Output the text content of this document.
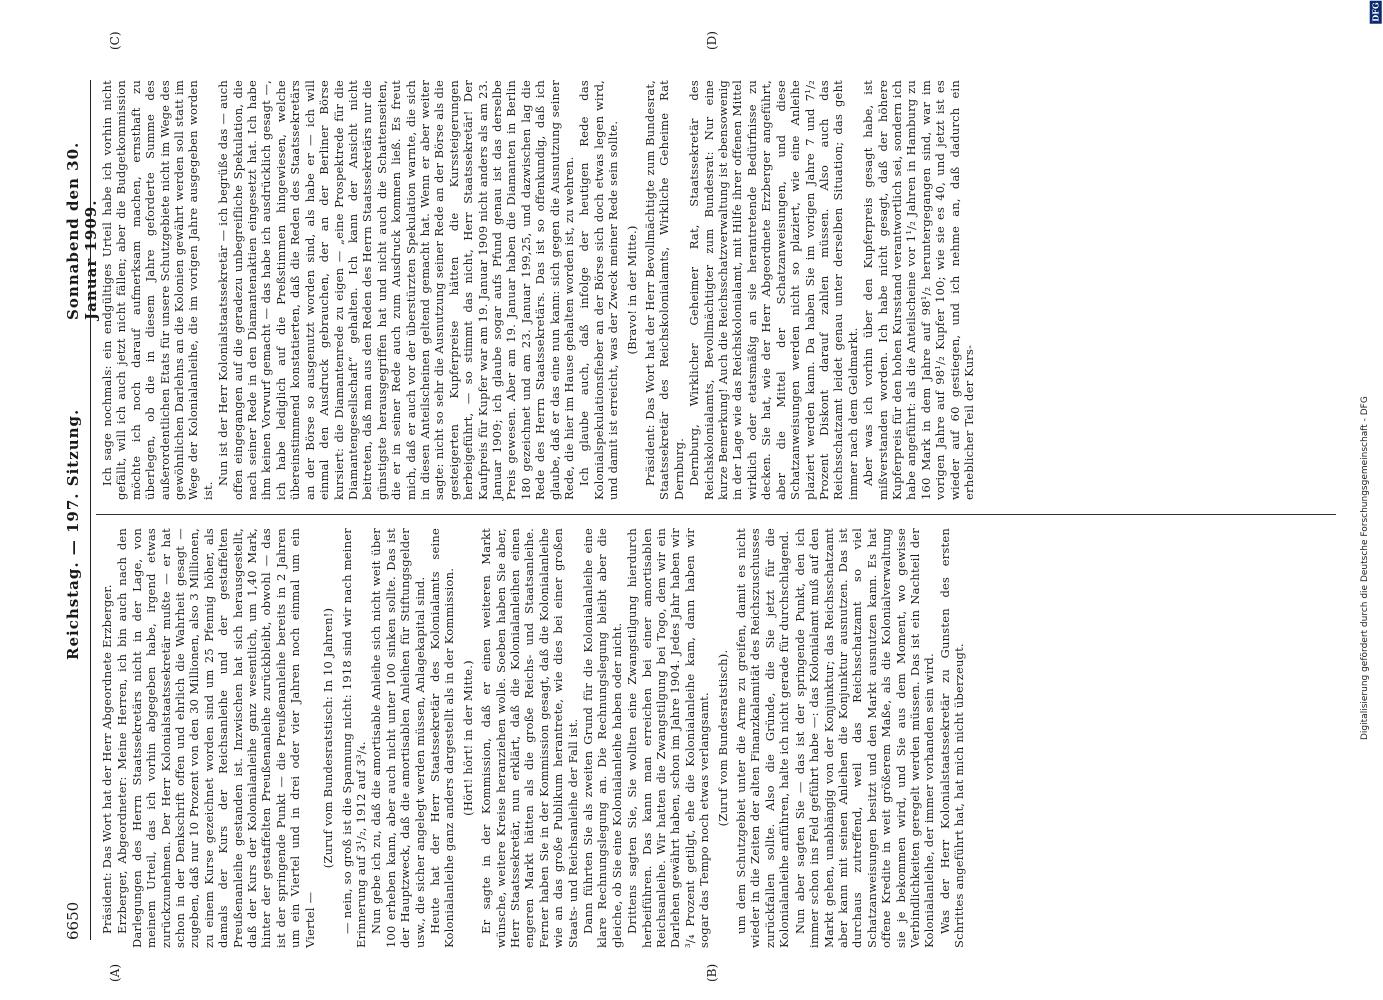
6650
Reichstag. — 197. Sitzung.
Sonnabend den 30. Januar 1909.
(A)	(B)
(C)	(D)

Präsident: Das Wort hat der Herr Abgeordnete Erzberger. Erzberger, Abgeordneter: Meine Herren, ich bin auch nach den Darlegungen des Herrn Staatssekretärs nicht in der Lage, von meinem Urteil, das ich vorhin abgegeben habe, irgend etwas zurückzunehmen. Der Herr Kolonialstaatssekretär mußte — er hat schon in der Denkschrift offen und ehrlich die Wahrheit gesagt — zugeben, daß nur 10 Prozent von den 30 Millionen, also 3 Millionen, zu einem Kurse gezeichnet worden sind um 25 Pfennig höher, als damals der Kurs der Reichsanleihe und der gestaffelten Preußenanleihe gestanden ist. Inzwischen hat sich herausgestellt, daß der Kurs der Kolonialanleihe ganz wesentlich, um 1,40 Mark, hinter der gestaffelten Preußenanleihe zurückbleibt, obwohl — das ist der springende Punkt — die Preußenanleihe bereits in 2 Jahren um ein Viertel und in drei oder vier Jahren noch einmal um ein Viertel —

(Zuruf vom Bundesratstisch: In 10 Jahren!) — nein, so groß ist die Spannung nicht: 1918 sind wir nach meiner Erinnerung auf 3¹/₂, 1912 auf 3³/₄. Nun gebe ich zu, daß die amortisable Anleihe sich nicht weit über 100 erheben kann, aber auch nicht unter 100 sinken sollte. Das ist der Hauptzweck, daß die amortisablen Anleihen für Stiftungsgelder usw., die sicher angelegt werden müssen, Anlagekapital sind. Heute hat der Herr Staatssekretär des Kolonialamts seine Kolonialanleihe ganz anders dargestellt als in der Kommission. (Hört! hört! in der Mitte.) Er sagte in der Kommission, daß er einen weiteren Markt wünsche, weitere Kreise heranziehen wolle. Soeben haben Sie aber, Herr Staatssekretär, nun erklärt, daß die Kolonialanleihen einen engeren Markt hätten als die große Reichs- und Staatsanleihe. Ferner haben Sie in der Kommission gesagt, daß die Kolonialanleihe wie an das große Publikum herantrete, wie dies bei einer großen Staats- und Reichsanleihe der Fall ist. Dann führten Sie als zweiten Grund für die Kolonialanleihe eine klare Rechnungslegung an. Die Rechnungslegung bleibt aber die gleiche, ob Sie eine Kolonialanleihe haben oder nicht. Drittens sagten Sie, Sie wollten eine Zwangstilgung hierdurch herbeiführen. Das kann man erreichen bei einer amortisablen Reichsanleihe. Wir hatten die Zwangstilgung bei Togo, dem wir ein Darlehen gewährt haben, schon im Jahre 1904. Jedes Jahr haben wir ³/₄ Prozent getilgt, ehe die Kolonialanleihe kam, dann haben wir sogar das Tempo noch etwas verlangsamt. (Zuruf vom Bundesratstisch). um dem Schutzgebiet unter die Arme zu greifen, damit es nicht wieder in die Zeiten der alten Finanzkalamität des Reichszuschusses zurückfallen sollte. Also die Gründe, die Sie jetzt für die Kolonialanleihe anführen, halte ich nicht gerade für durchschlagend. Nun aber sagten Sie — das ist der springende Punkt, den ich immer schon ins Feld geführt habe —: das Kolonialamt muß auf den Markt gehen, unabhängig von der Konjunktur; das Reichsschatzamt aber kann mit seinen Anleihen die Konjunktur ausnutzen. Das ist durchaus zutreffend, weil das Reichsschatzamt so viel Schatzanweisungen besitzt und den Markt ausnutzen kann. Es hat offene Kredite in weit größerem Maße, als die Kolonialverwaltung sie je bekommen wird, und Sie aus dem Moment, wo gewisse Verbindlichkeiten geregelt werden müssen. Das ist ein Nachteil der Kolonialanleihe, der immer vorhanden sein wird. Was der Herr Kolonialstaatssekretär zu Gunsten des ersten Schrittes angeführt hat, hat mich nicht überzeugt.

Ich sage nochmals: ein endgültiges Urteil habe ich vorhin nicht gefällt, will ich auch jetzt nicht fällen; aber die Budgetkommission möchte ich noch darauf aufmerksam machen, ernsthaft zu überlegen, ob die in diesem Jahre geforderte Summe des außerordentlichen Etats für unsere Schutzgebiete nicht im Wege des gewöhnlichen Darlehns an die Kolonien gewährt werden soll statt im Wege der Kolonialanleihe, die im vorigen Jahre ausgegeben worden ist.

Nun ist der Herr Kolonialstaatssekretär — ich begrüße das — auch offen eingegangen auf die geradezu unbegreifliche Spekulation, die nach seiner Rede in den Diamantenaktien eingesetzt hat. Ich habe ihm keinen Vorwurf gemacht — das habe ich ausdrücklich gesagt —, ich habe lediglich auf die Preßstimmen hingewiesen, welche übereinstimmend konstatierten, daß die Reden des Staatssekretärs an der Börse so ausgenutzt worden sind, als habe er — ich will einmal den Ausdruck gebrauchen, der an der Berliner Börse kursiert: die Diamantenrede zu eigen — „eine Prospektrede für die Diamantengesellschaft“ gehalten. Ich kann der Ansicht nicht beitreten, daß man aus den Reden des Herrn Staatssekretärs nur die günstigste herausgegriffen hat und nicht auch die Schattenseiten, die er in seiner Rede auch zum Ausdruck kommen ließ. Es freut mich, daß er auch vor der überstürzten Spekulation warnte, die sich in diesen Anteilscheinen geltend gemacht hat. Wenn er aber weiter sagte: nicht so sehr die Ausnutzung seiner Rede an der Börse als die gesteigerten Kupferpreise hätten die Kurssteigerungen herbeigeführt, — so stimmt das nicht, Herr Staatssekretär! Der Kaufpreis für Kupfer war am 19. Januar 1909 nicht anders als am 23. Januar 1909; ich glaube sogar aufs Pfund genau ist das derselbe Preis gewesen. Aber am 19. Januar haben die Diamanten in Berlin 180 gezeichnet und am 23. Januar 199,25, und dazwischen lag die Rede des Herrn Staatssekretärs. Das ist so offenkundig, daß ich glaube, daß er das eine nun kann: sich gegen die Ausnutzung seiner Rede, die hier im Hause gehalten worden ist, zu wehren. Ich glaube auch, daß infolge der heutigen Rede das Kolonialspekulationsfieber an der Börse sich doch etwas legen wird, und damit ist erreicht, was der Zweck meiner Rede sein sollte. (Bravo! in der Mitte.) Präsident: Das Wort hat der Herr Bevollmächtigte zum Bundesrat, Staatssekretär des Reichskolonialamts, Wirkliche Geheime Rat Dernburg. Dernburg, Wirklicher Geheimer Rat, Staatssekretär des Reichskolonialamts, Bevollmächtigter zum Bundesrat: Nur eine kurze Bemerkung! Auch die Reichsschatzverwaltung ist ebensowenig in der Lage wie das Reichskolonialamt, mit Hilfe ihrer offenen Mittel wirklich oder etatsmäßig an sie herantretende Bedürfnisse zu decken. Sie hat, wie der Herr Abgeordnete Erzberger angeführt, aber die Mittel der Schatzanweisungen, und diese Schatzanweisungen werden nicht so plaziert, wie eine Anleihe plaziert werden kann. Da haben Sie im vorigen Jahre 7 und 7¹/₂ Prozent Diskont darauf zahlen müssen. Also auch das Reichsschatzamt leidet genau unter derselben Situation; das geht immer nach dem Geldmarkt. Aber was ich vorhin über den Kupferpreis gesagt habe, ist mißverstanden worden. Ich habe nicht gesagt, daß der höhere Kupferpreis für den hohen Kursstand verantwortlich sei, sondern ich habe angeführt: als die Anteilscheine vor 1¹/₂ Jahren in Hamburg zu 160 Mark in dem Jahre auf 98¹/₂ heruntergegangen sind, war im vorigen Jahre auf 98¹/₂ Kupfer 100; wie sie es 40, und jetzt ist es wieder auf 60 gestiegen, und ich nehme an, daß dadurch ein erheblicher Teil der Kurs-	Digitalisierung gefördert durch die Deutsche Forschungsgemeinschaft - DFG
DFG
